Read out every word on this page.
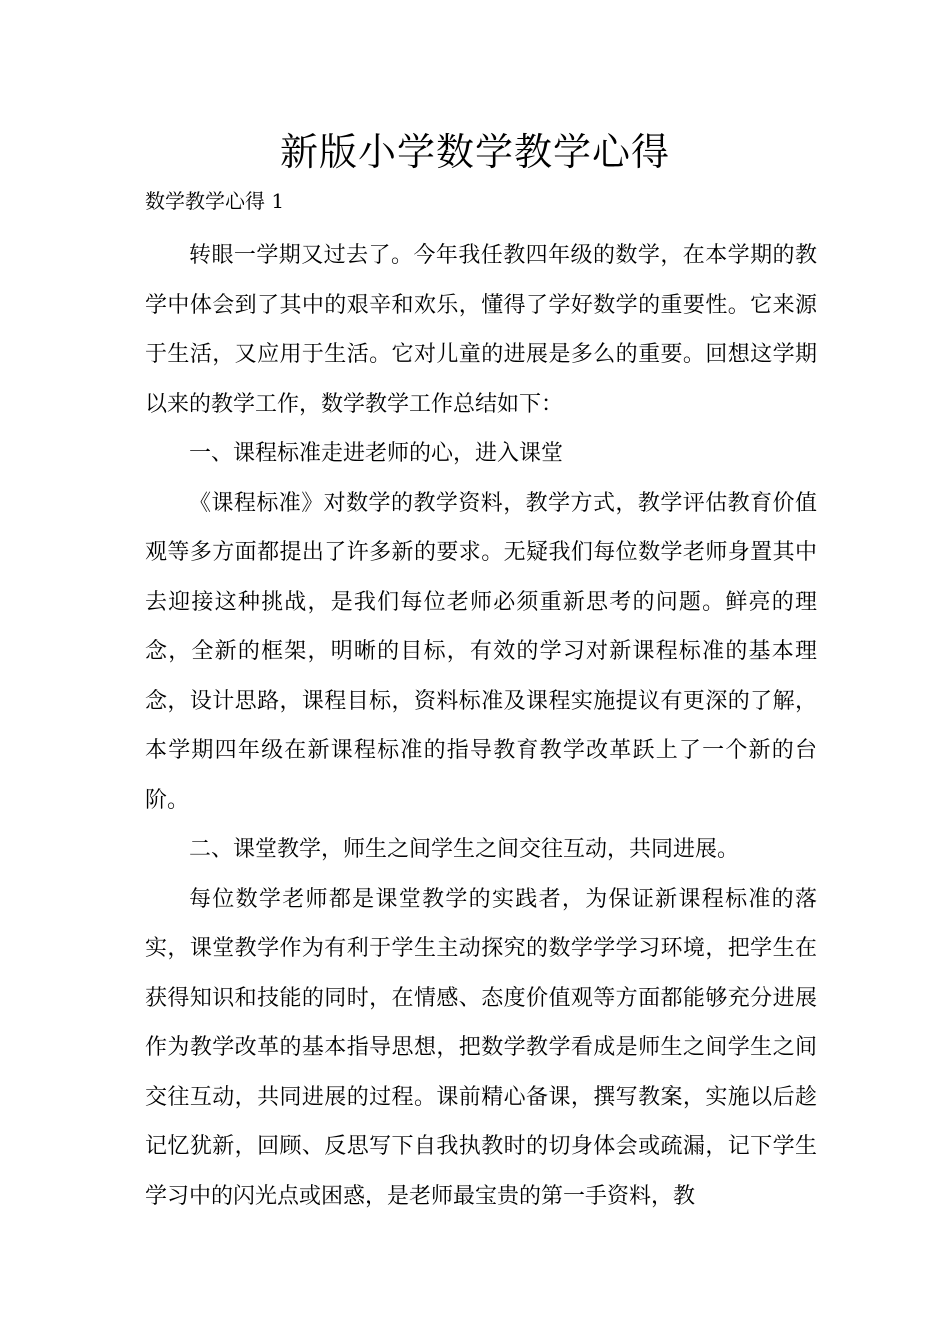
新版小学数学教学心得
数学教学心得 1

转眼一学期又过去了。今年我任教四年级的数学，在本学期的教学中体会到了其中的艰辛和欢乐，懂得了学好数学的重要性。它来源于生活，又应用于生活。它对儿童的进展是多么的重要。回想这学期以来的教学工作，数学教学工作总结如下：

一、课程标准走进老师的心，进入课堂

《课程标准》对数学的教学资料，教学方式，教学评估教育价值观等多方面都提出了许多新的要求。无疑我们每位数学老师身置其中去迎接这种挑战，是我们每位老师必须重新思考的问题。鲜亮的理念，全新的框架，明晰的目标，有效的学习对新课程标准的基本理念，设计思路，课程目标，资料标准及课程实施提议有更深的了解，本学期四年级在新课程标准的指导教育教学改革跃上了一个新的台阶。

二、课堂教学，师生之间学生之间交往互动，共同进展。

每位数学老师都是课堂教学的实践者，为保证新课程标准的落实，课堂教学作为有利于学生主动探究的数学学学习环境，把学生在获得知识和技能的同时，在情感、态度价值观等方面都能够充分进展作为教学改革的基本指导思想，把数学教学看成是师生之间学生之间交往互动，共同进展的过程。课前精心备课，撰写教案，实施以后趁记忆犹新，回顾、反思写下自我执教时的切身体会或疏漏，记下学生学习中的闪光点或困惑，是老师最宝贵的第一手资料，教
